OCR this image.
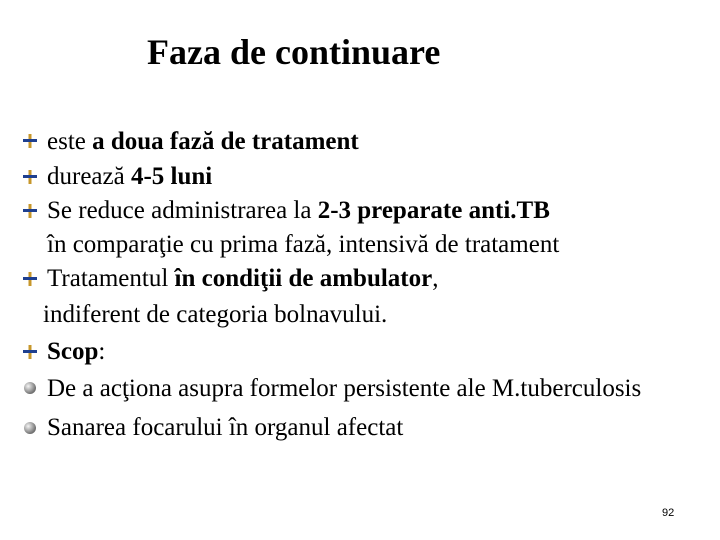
Faza de continuare
este a doua fază de tratament
durează 4-5 luni
Se reduce administrarea la 2-3 preparate anti.TB
în comparaţie cu prima fază, intensivă de tratament
Tratamentul în condiţii de ambulator,
indiferent de categoria bolnavului.
Scop:
De a acţiona asupra formelor persistente ale M.tuberculosis
Sanarea focarului în organul afectat
92
